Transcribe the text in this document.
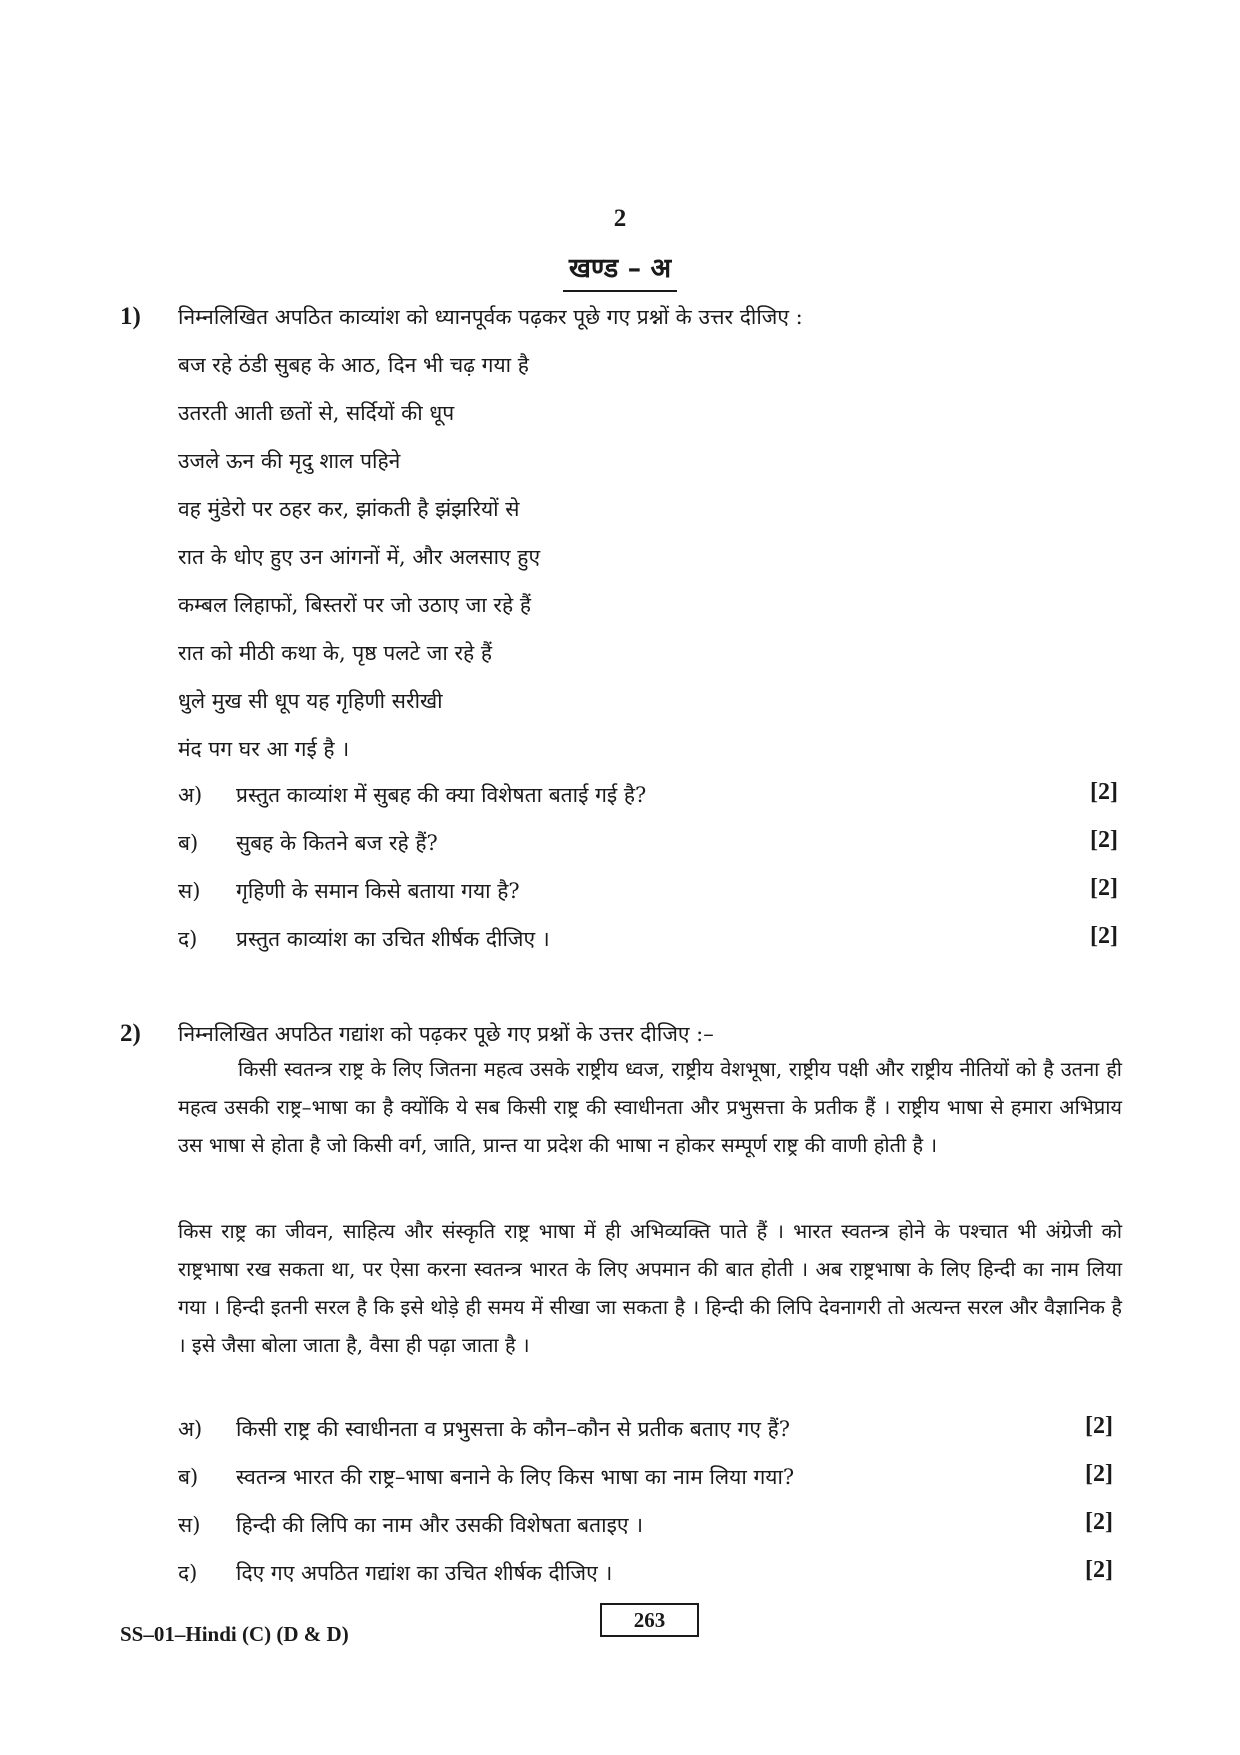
2
खण्ड – अ
1) निम्नलिखित अपठित काव्यांश को ध्यानपूर्वक पढ़कर पूछे गए प्रश्नों के उत्तर दीजिए :
बज रहे ठंडी सुबह के आठ, दिन भी चढ़ गया है
उतरती आती छतों से, सर्दियों की धूप
उजले ऊन की मृदु शाल पहिने
वह मुंडेरो पर ठहर कर, झांकती है झंझरियों से
रात के धोए हुए उन आंगनों में, और अलसाए हुए
कम्बल लिहाफों, बिस्तरों पर जो उठाए जा रहे हैं
रात को मीठी कथा के, पृष्ठ पलटे जा रहे हैं
धुले मुख सी धूप यह गृहिणी सरीखी
मंद पग घर आ गई है ।
अ) प्रस्तुत काव्यांश में सुबह की क्या विशेषता बताई गई है?	[2]
ब) सुबह के कितने बज रहे हैं?	[2]
स) गृहिणी के समान किसे बताया गया है?	[2]
द) प्रस्तुत काव्यांश का उचित शीर्षक दीजिए ।	[2]
2) निम्नलिखित अपठित गद्यांश को पढ़कर पूछे गए प्रश्नों के उत्तर दीजिए :–
किसी स्वतन्त्र राष्ट्र के लिए जितना महत्व उसके राष्ट्रीय ध्वज, राष्ट्रीय वेशभूषा, राष्ट्रीय पक्षी और राष्ट्रीय नीतियों को है उतना ही महत्व उसकी राष्ट्र–भाषा का है क्योंकि ये सब किसी राष्ट्र की स्वाधीनता और प्रभुसत्ता के प्रतीक हैं । राष्ट्रीय भाषा से हमारा अभिप्राय उस भाषा से होता है जो किसी वर्ग, जाति, प्रान्त या प्रदेश की भाषा न होकर सम्पूर्ण राष्ट्र की वाणी होती है ।
किस राष्ट्र का जीवन, साहित्य और संस्कृति राष्ट्र भाषा में ही अभिव्यक्ति पाते हैं । भारत स्वतन्त्र होने के पश्चात भी अंग्रेजी को राष्ट्रभाषा रख सकता था, पर ऐसा करना स्वतन्त्र भारत के लिए अपमान की बात होती । अब राष्ट्रभाषा के लिए हिन्दी का नाम लिया गया । हिन्दी इतनी सरल है कि इसे थोड़े ही समय में सीखा जा सकता है । हिन्दी की लिपि देवनागरी तो अत्यन्त सरल और वैज्ञानिक है । इसे जैसा बोला जाता है, वैसा ही पढ़ा जाता है ।
अ) किसी राष्ट्र की स्वाधीनता व प्रभुसत्ता के कौन–कौन से प्रतीक बताए गए हैं?	[2]
ब) स्वतन्त्र भारत की राष्ट्र–भाषा बनाने के लिए किस भाषा का नाम लिया गया?	[2]
स) हिन्दी की लिपि का नाम और उसकी विशेषता बताइए ।	[2]
द) दिए गए अपठित गद्यांश का उचित शीर्षक दीजिए ।	[2]
SS–01–Hindi (C) (D & D)
263
